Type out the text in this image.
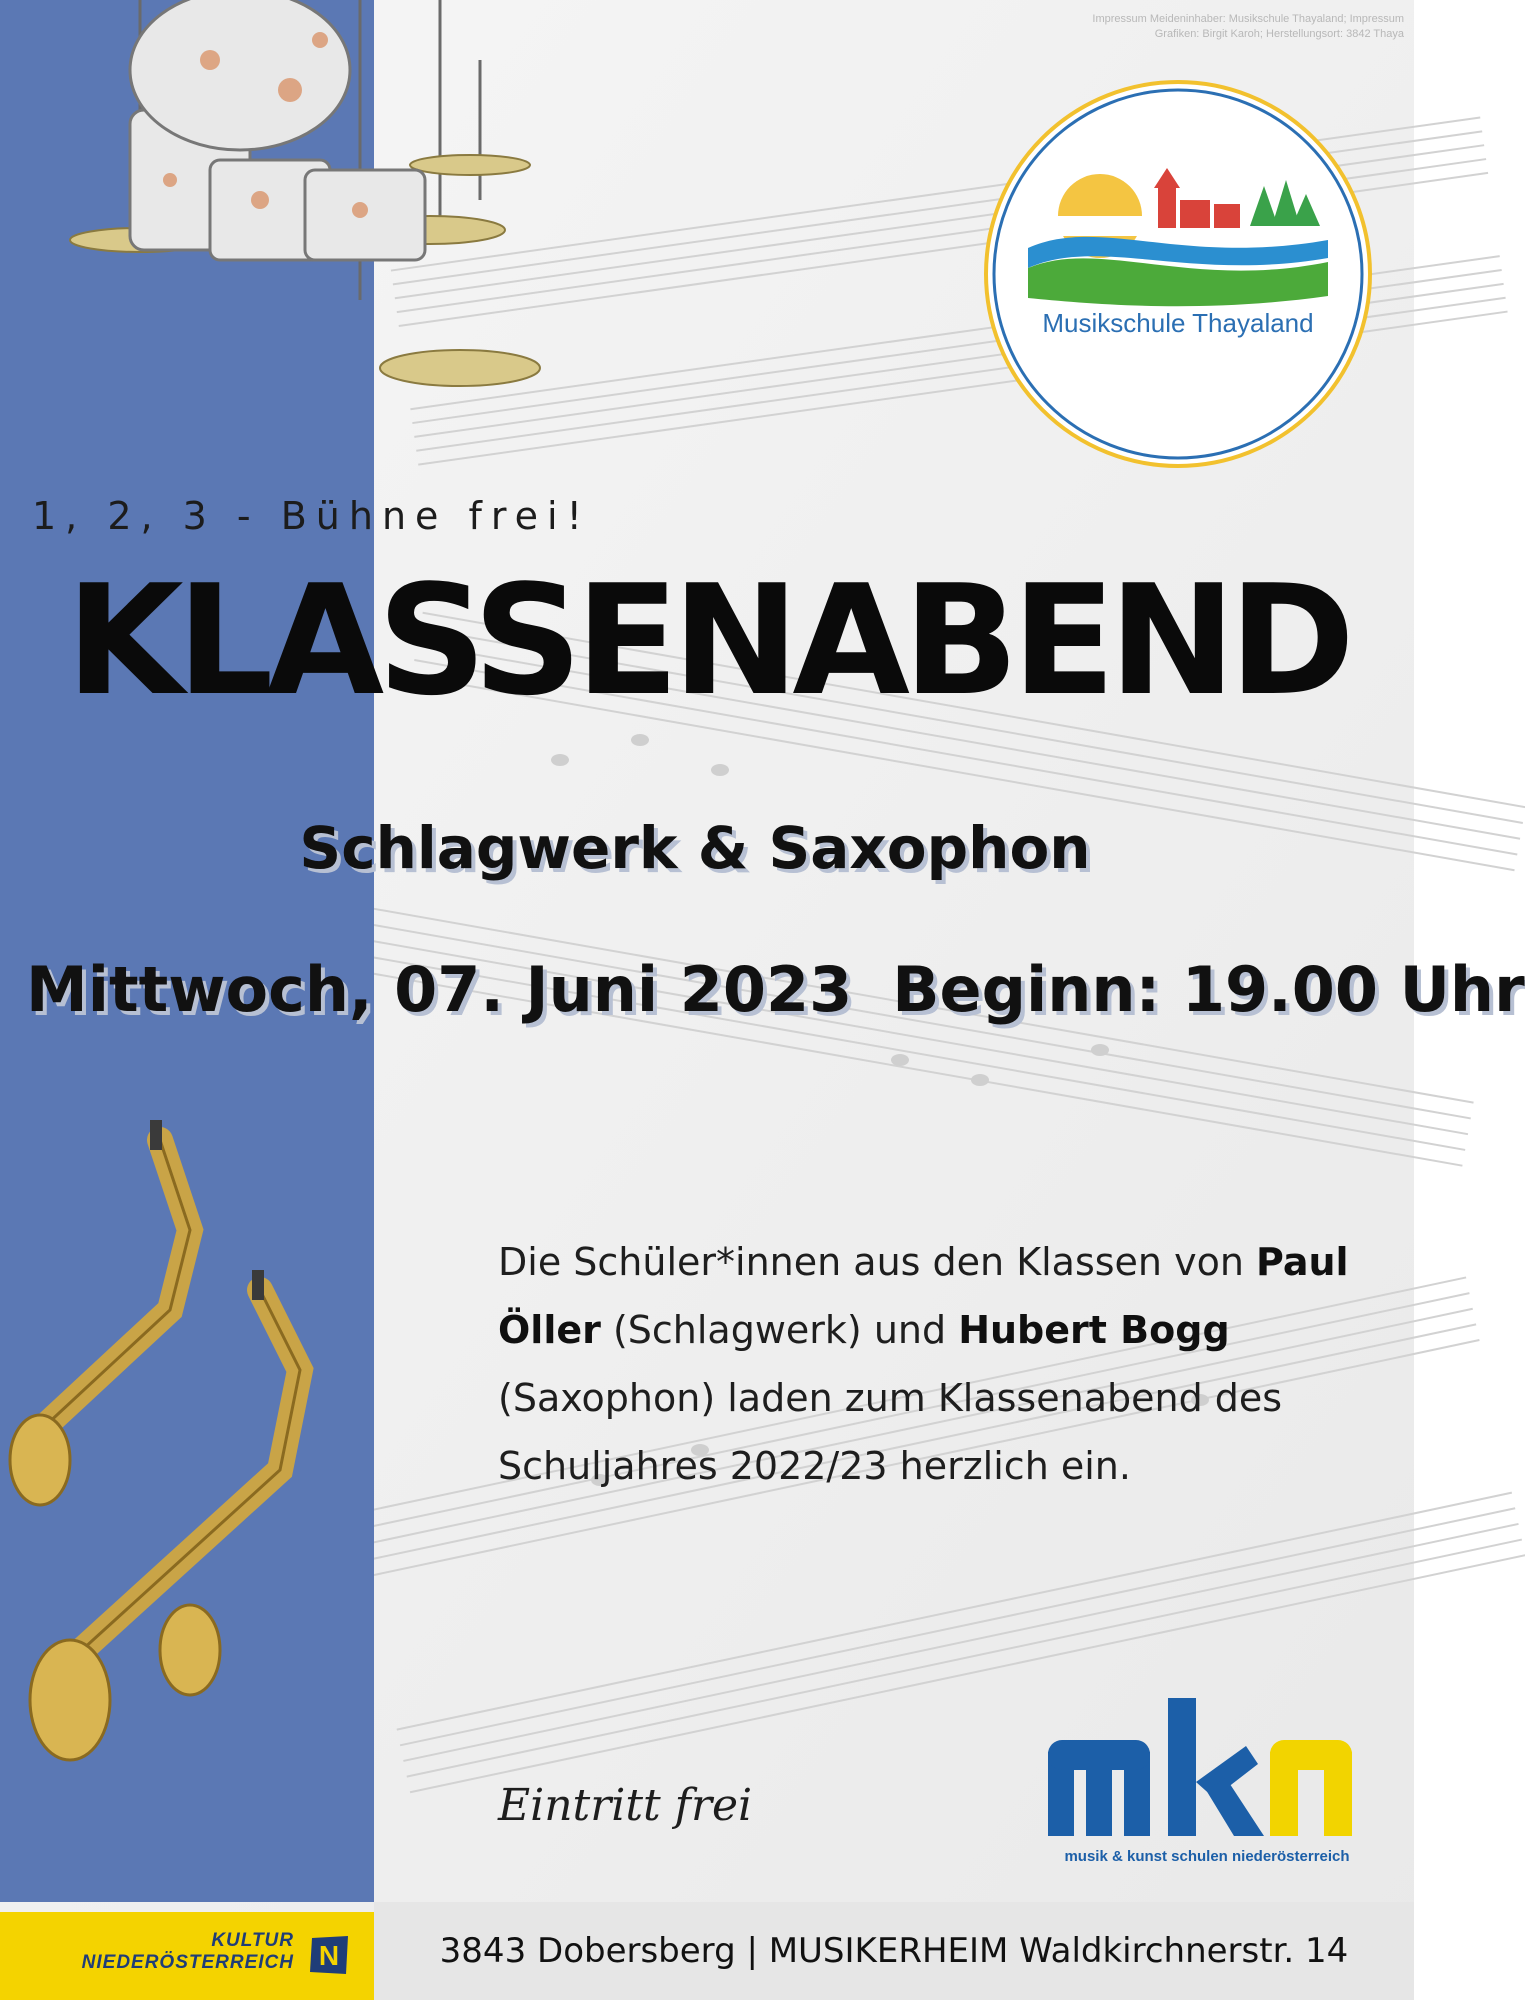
Impressum Meideninhaber: Musikschule Thayaland; Impressum
Grafiken: Birgit Karoh; Herstellungsort: 3842 Thaya
Musikschule Thayaland
1, 2, 3 - Bühne frei!
KLASSENABEND
Schlagwerk & Saxophon
Mittwoch, 07. Juni 2023 Beginn: 19.00 Uhr
Die Schüler*innen aus den Klassen von Paul Öller (Schlagwerk) und Hubert Bogg (Saxophon) laden zum Klassenabend des Schuljahres 2022/23 herzlich ein.
Eintritt frei
musik & kunst schulen niederösterreich
3843 Dobersberg | MUSIKERHEIM Waldkirchnerstr. 14
KULTUR
NIEDERÖSTERREICH N
